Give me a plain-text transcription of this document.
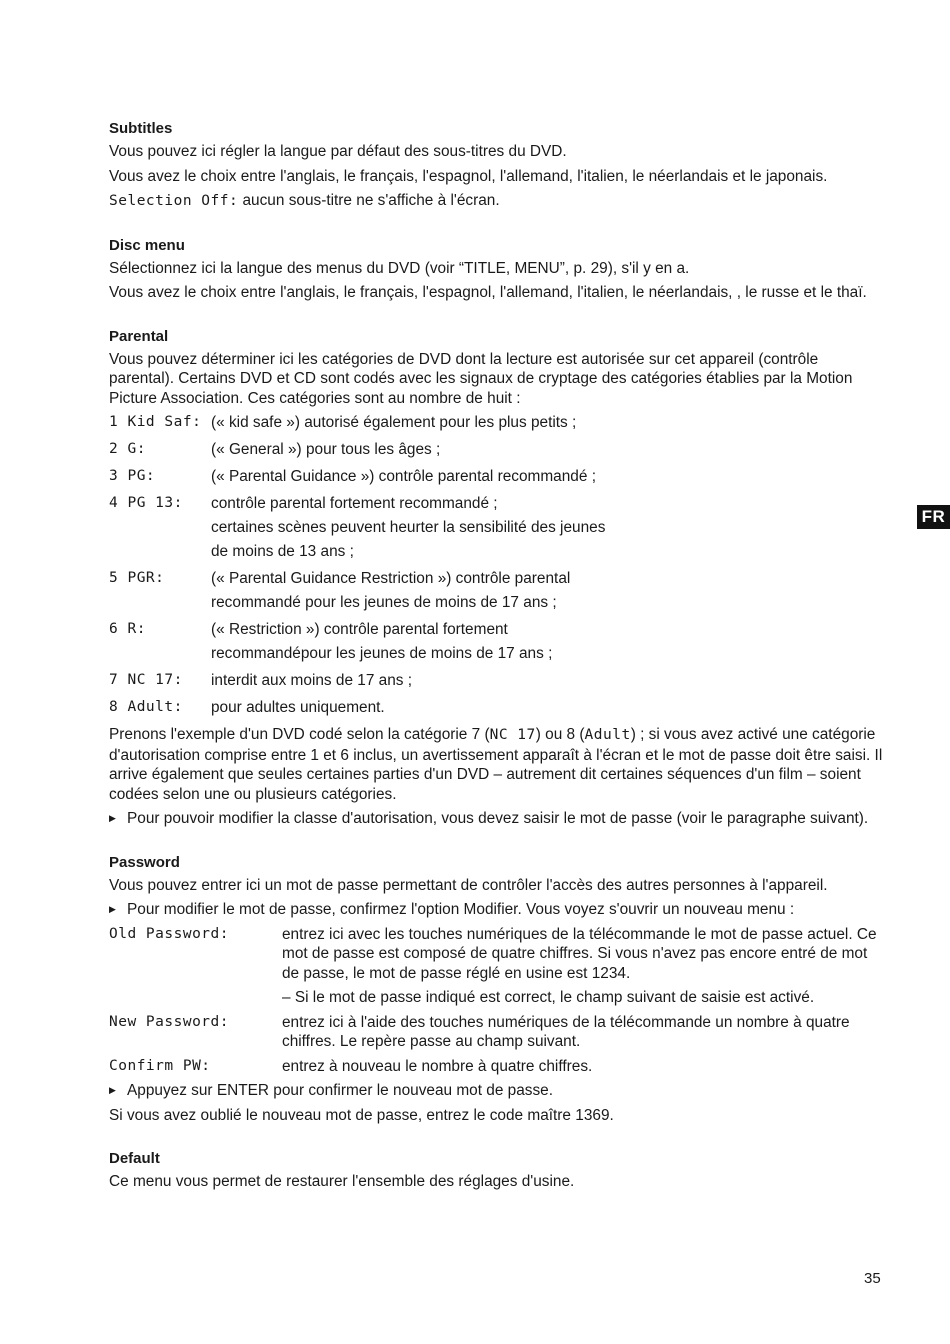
Subtitles

Vous pouvez ici régler la langue par défaut des sous-titres du DVD.

Vous avez le choix entre l'anglais, le français, l'espagnol, l'allemand, l'italien, le néerlandais et le japonais.

Selection Off: aucun sous-titre ne s'affiche à l'écran.

Disc menu

Sélectionnez ici la langue des menus du DVD (voir “TITLE, MENU”, p. 29), s'il y en a.

Vous avez le choix entre l'anglais, le français, l'espagnol, l'allemand, l'italien, le néerlandais, , le russe et le thaï.

Parental

Vous pouvez déterminer ici les catégories de DVD dont la lecture est autorisée sur cet appareil (contrôle parental). Certains DVD et CD sont codés avec les signaux de cryptage des catégories établies par la Motion Picture Association. Ces catégories sont au nombre de huit :

1 Kid Saf: (« kid safe ») autorisé également pour les plus petits ;
2 G:	(« General ») pour tous les âges ;
3 PG:	(« Parental Guidance ») contrôle parental recommandé ;
4 PG 13:	contrôle parental fortement recommandé ;
certaines scènes peuvent heurter la sensibilité des jeunes
de moins de 13 ans ;
5 PGR:	(« Parental Guidance Restriction ») contrôle parental
recommandé pour les jeunes de moins de 17 ans ;
6 R:	(« Restriction ») contrôle parental fortement
recommandépour les jeunes de moins de 17 ans ;
7 NC 17:	interdit aux moins de 17 ans ;
8 Adult:	pour adultes uniquement.

Prenons l'exemple d'un DVD codé selon la catégorie 7 (NC 17) ou 8 (Adult) ; si vous avez activé une catégorie d'autorisation comprise entre 1 et 6 inclus, un avertissement apparaît à l'écran et le mot de passe doit être saisi. Il arrive également que seules certaines parties d'un DVD – autrement dit certaines séquences d'un film – soient codées selon une ou plusieurs catégories.

▶ Pour pouvoir modifier la classe d'autorisation, vous devez saisir le mot de passe (voir le paragraphe suivant).
Password

Vous pouvez entrer ici un mot de passe permettant de contrôler l'accès des autres personnes à l'appareil.

▶ Pour modifier le mot de passe, confirmez l'option Modifier. Vous voyez s'ouvrir un nouveau menu :
Old Password:	entrez ici avec les touches numériques de la télécommande le mot de passe actuel. Ce mot de passe est composé de quatre chiffres. Si vous n'avez pas encore entré de mot de passe, le mot de passe réglé en usine est 1234.
– Si le mot de passe indiqué est correct, le champ suivant de saisie est activé.
New Password:	entrez ici à l'aide des touches numériques de la télécommande un nombre à quatre chiffres. Le repère passe au champ suivant.
Confirm PW:	entrez à nouveau le nombre à quatre chiffres.
▶ Appuyez sur ENTER pour confirmer le nouveau mot de passe.

Si vous avez oublié le nouveau mot de passe, entrez le code maître 1369.

Default

Ce menu vous permet de restaurer l'ensemble des réglages d'usine.

FR
35
